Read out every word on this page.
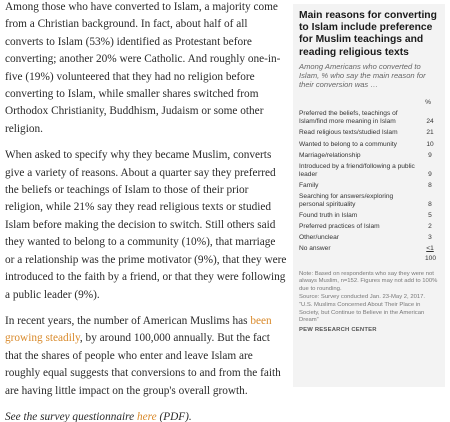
Among those who have converted to Islam, a majority come from a Christian background. In fact, about half of all converts to Islam (53%) identified as Protestant before converting; another 20% were Catholic. And roughly one-in-five (19%) volunteered that they had no religion before converting to Islam, while smaller shares switched from Orthodox Christianity, Buddhism, Judaism or some other religion.

When asked to specify why they became Muslim, converts give a variety of reasons. About a quarter say they preferred the beliefs or teachings of Islam to those of their prior religion, while 21% say they read religious texts or studied Islam before making the decision to switch. Still others said they wanted to belong to a community (10%), that marriage or a relationship was the prime motivator (9%), that they were introduced to the faith by a friend, or that they were following a public leader (9%).

In recent years, the number of American Muslims has been growing steadily, by around 100,000 annually. But the fact that the shares of people who enter and leave Islam are roughly equal suggests that conversions to and from the faith are having little impact on the group's overall growth.

See the survey questionnaire here (PDF).

Main reasons for converting to Islam include preference for Muslim teachings and reading religious texts
Among Americans who converted to Islam, % who say the main reason for their conversion was …
%
Preferred the beliefs, teachings of Islam/find more meaning in Islam	24
Read religious texts/studied Islam	21
Wanted to belong to a community	10
Marriage/relationship	9
Introduced by a friend/following a public leader	9
Family	8
Searching for answers/exploring personal spirituality	8
Found truth in Islam	5
Preferred practices of Islam	2
Other/unclear	3
No answer	<1
100

Note: Based on respondents who say they were not always Muslim, n=152. Figures may not add to 100% due to rounding.

Source: Survey conducted Jan. 23-May 2, 2017.

“U.S. Muslims Concerned About Their Place in Society, but Continue to Believe in the American Dream”

PEW RESEARCH CENTER
